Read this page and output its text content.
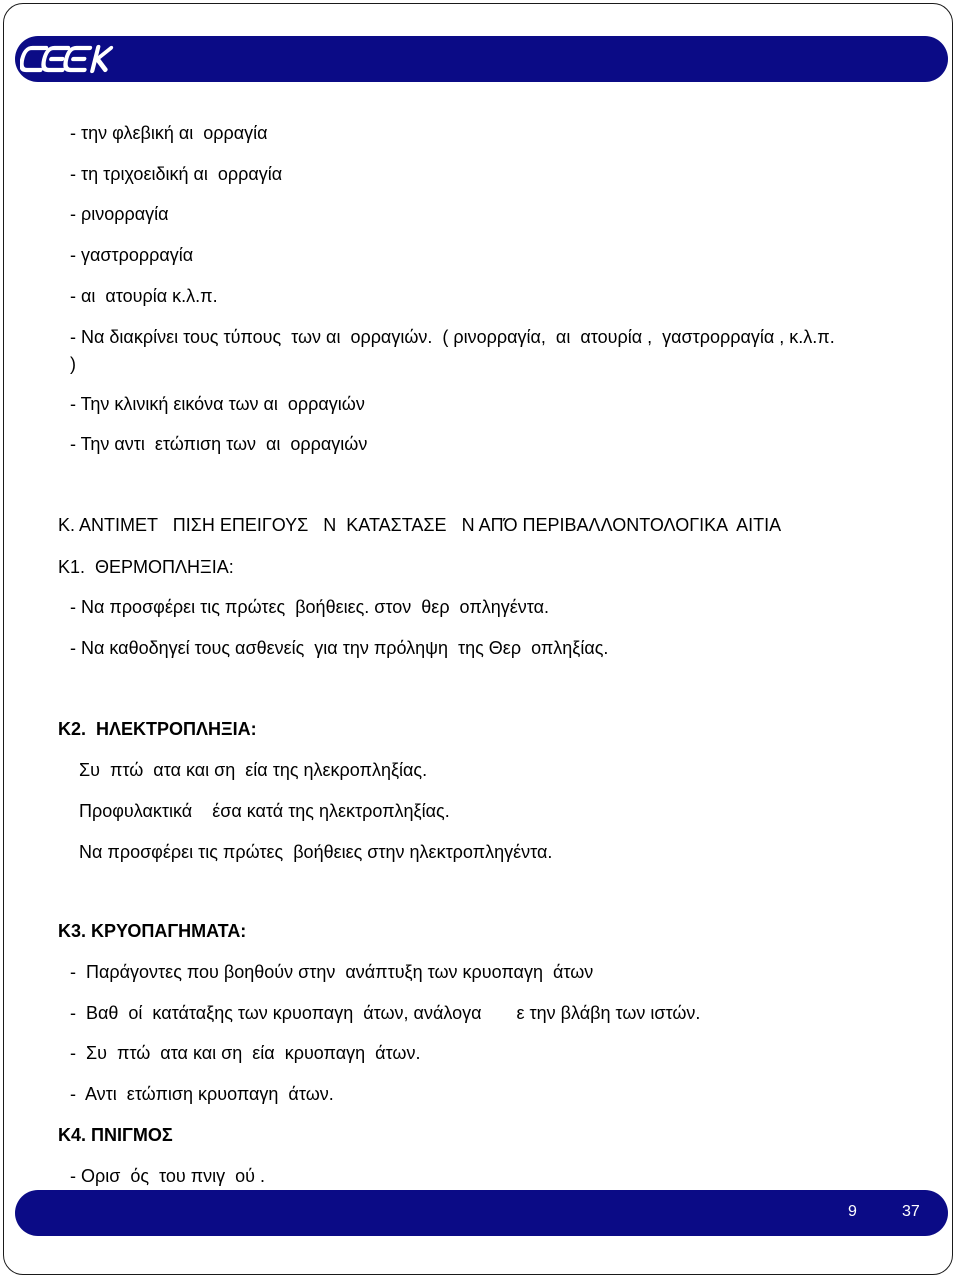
- την φλεβική αι  ορραγία
- τη τριχοειδική αι  ορραγία
- ρινορραγία
- γαστρορραγία
- αι  ατουρία κ.λ.π.
- Να διακρίνει τους τύπους  των αι  ορραγιών.  ( ρινορραγία,  αι  ατουρία ,  γαστρορραγία , κ.λ.π.
)
- Την κλινική εικόνα των αι  ορραγιών
- Την αντι  ετώπιση των  αι  ορραγιών
Κ. ΑΝΤΙΜΕΤ   ΠΙΣΗ ΕΠΕΙΓΟΥΣ   Ν  ΚΑΤΑΣΤΑΣΕ   Ν ΑΠΌ ΠΕΡΙΒΑΛΛΟΝΤΟΛΟΓΙΚΑ  ΑΙΤΙΑ
Κ1.  ΘΕΡΜΟΠΛΗΞΙΑ:
- Να προσφέρει τις πρώτες  βοήθειες. στον  θερ  οπληγέντα.
- Να καθοδηγεί τους ασθενείς  για την πρόληψη  της Θερ  οπληξίας.
Κ2.  ΗΛΕΚΤΡΟΠΛΗΞΙΑ:
Συ  πτώ  ατα και ση  εία της ηλεκροπληξίας.
Προφυλακτικά    έσα κατά της ηλεκτροπληξίας.
Να προσφέρει τις πρώτες  βοήθειες στην ηλεκτροπληγέντα.
Κ3. ΚΡΥΟΠΑΓΗΜΑΤΑ:
-  Παράγοντες που βοηθούν στην  ανάπτυξη των κρυοπαγη  άτων
-  Βαθ  οί  κατάταξης των κρυοπαγη  άτων, ανάλογα       ε την βλάβη των ιστών.
-  Συ  πτώ  ατα και ση  εία  κρυοπαγη  άτων.
-  Αντι  ετώπιση κρυοπαγη  άτων.
Κ4. ΠΝΙΓΜΟΣ
- Ορισ  ός  του πνιγ  ού .
9	37
